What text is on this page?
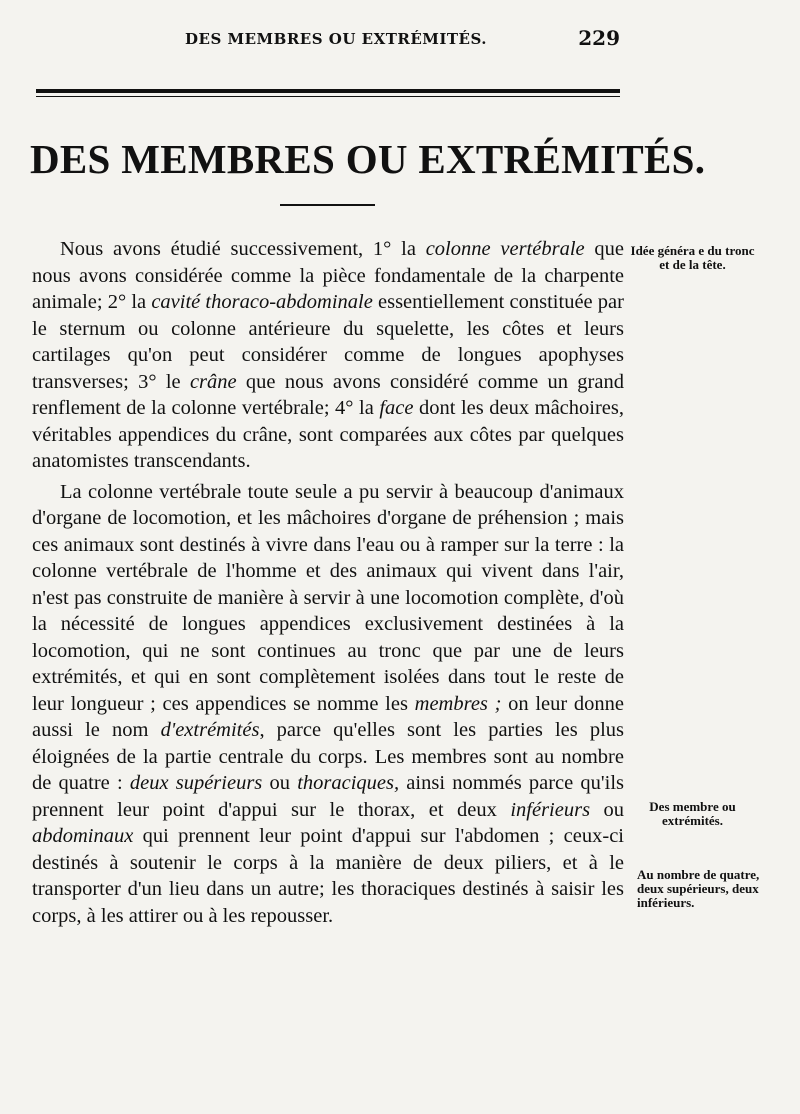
DES MEMBRES OU EXTRÉMITÉS.	229
DES MEMBRES OU EXTRÉMITÉS.

Nous avons étudié successivement, 1° la colonne vertébrale que nous avons considérée comme la pièce fondamentale de la charpente animale; 2° la cavité thoraco-abdominale essentiellement constituée par le sternum ou colonne antérieure du squelette, les côtes et leurs cartilages qu'on peut considérer comme de longues apophyses transverses; 3° le crâne que nous avons considéré comme un grand renflement de la colonne vertébrale; 4° la face dont les deux mâchoires, véritables appendices du crâne, sont comparées aux côtes par quelques anatomistes transcendants.

La colonne vertébrale toute seule a pu servir à beaucoup d'animaux d'organe de locomotion, et les mâchoires d'organe de préhension ; mais ces animaux sont destinés à vivre dans l'eau ou à ramper sur la terre : la colonne vertébrale de l'homme et des animaux qui vivent dans l'air, n'est pas construite de manière à servir à une locomotion complète, d'où la nécessité de longues appendices exclusivement destinées à la locomotion, qui ne sont continues au tronc que par une de leurs extrémités, et qui en sont complètement isolées dans tout le reste de leur longueur ; ces appendices se nomme les membres ; on leur donne aussi le nom d'extrémités, parce qu'elles sont les parties les plus éloignées de la partie centrale du corps. Les membres sont au nombre de quatre : deux supérieurs ou thoraciques, ainsi nommés parce qu'ils prennent leur point d'appui sur le thorax, et deux inférieurs ou abdominaux qui prennent leur point d'appui sur l'abdomen ; ceux-ci destinés à soutenir le corps à la manière de deux piliers, et à le transporter d'un lieu dans un autre; les thoraciques destinés à saisir les corps, à les attirer ou à les repousser.

Idée généra e du tronc et de la tête.
Des membre ou extrémités.
Au nombre de quatre, deux supérieurs, deux inférieurs.
